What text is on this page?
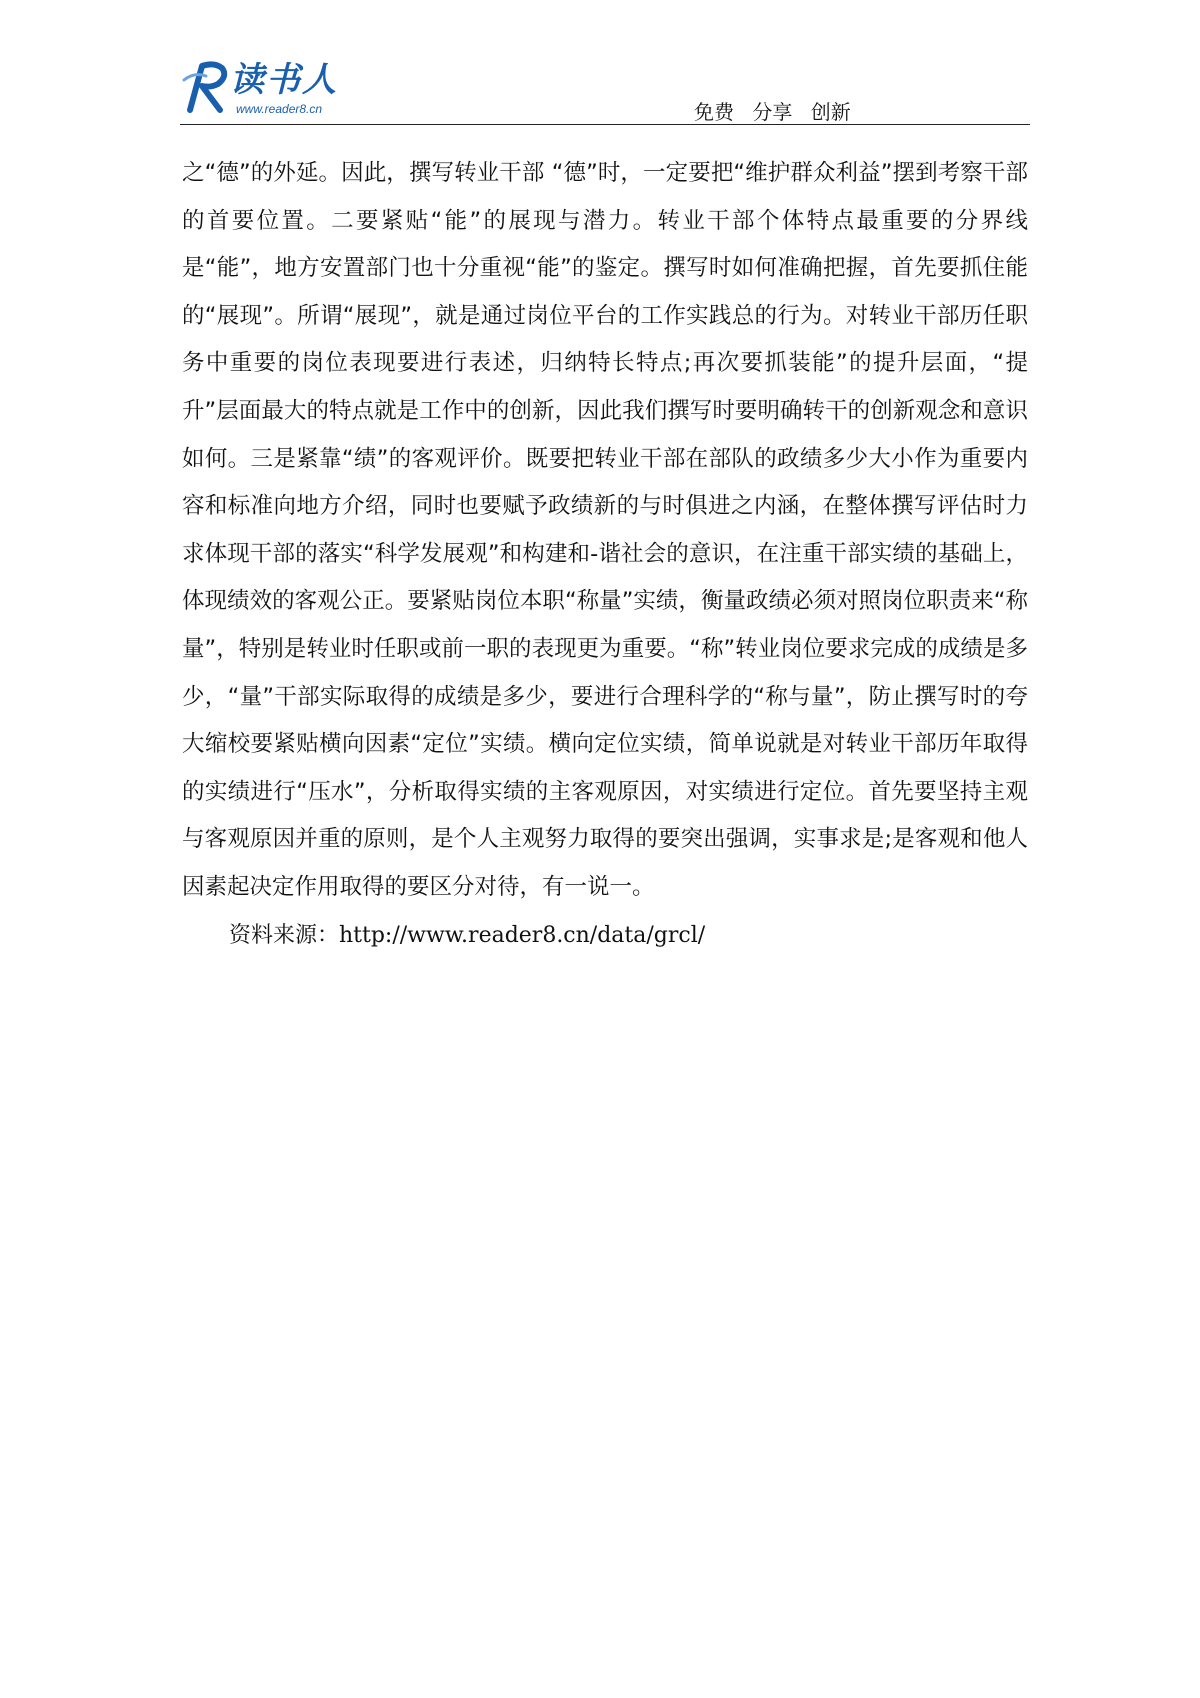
读书人
www.reader8.cn	免费 分享 创新

之“德”的外延。因此，撰写转业干部 “德”时，一定要把“维护群众利益”摆到考察干部的首要位置。二要紧贴“能”的展现与潜力。转业干部个体特点最重要的分界线是“能”，地方安置部门也十分重视“能”的鉴定。撰写时如何准确把握，首先要抓住能的“展现”。所谓“展现”，就是通过岗位平台的工作实践总的行为。对转业干部历任职务中重要的岗位表现要进行表述，归纳特长特点;再次要抓装能”的提升层面，“提升”层面最大的特点就是工作中的创新，因此我们撰写时要明确转干的创新观念和意识如何。三是紧靠“绩”的客观评价。既要把转业干部在部队的政绩多少大小作为重要内容和标准向地方介绍，同时也要赋予政绩新的与时俱进之内涵，在整体撰写评估时力求体现干部的落实“科学发展观”和构建和-谐社会的意识，在注重干部实绩的基础上，体现绩效的客观公正。要紧贴岗位本职“称量”实绩，衡量政绩必须对照岗位职责来“称量”，特别是转业时任职或前一职的表现更为重要。“称”转业岗位要求完成的成绩是多少，“量”干部实际取得的成绩是多少，要进行合理科学的“称与量”，防止撰写时的夸大缩校要紧贴横向因素“定位”实绩。横向定位实绩，简单说就是对转业干部历年取得的实绩进行“压水”，分析取得实绩的主客观原因，对实绩进行定位。首先要坚持主观与客观原因并重的原则，是个人主观努力取得的要突出强调，实事求是;是客观和他人因素起决定作用取得的要区分对待，有一说一。

资料来源：http://www.reader8.cn/data/grcl/
